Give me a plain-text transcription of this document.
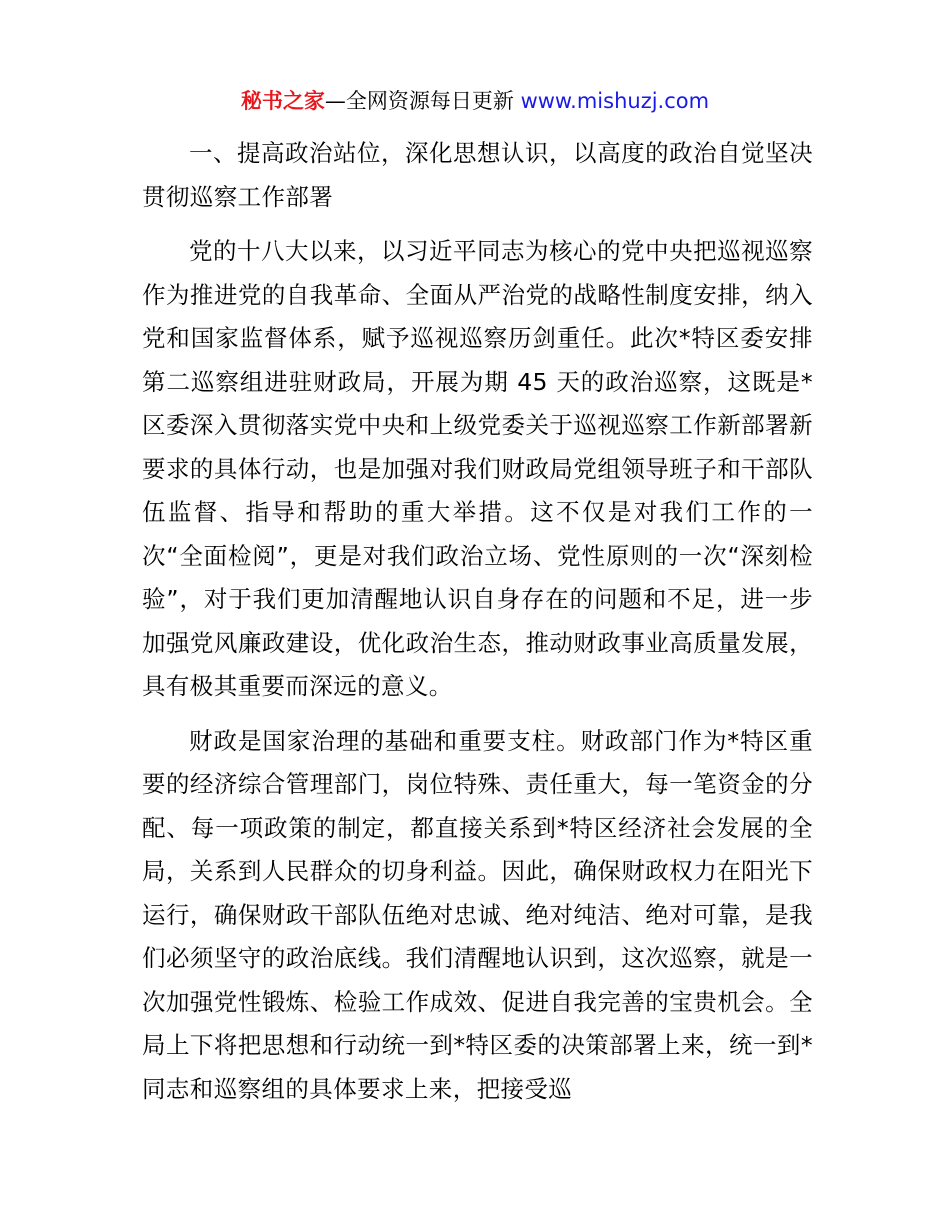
秘书之家—全网资源每日更新 www.mishuzj.com

一、提高政治站位，深化思想认识，以高度的政治自觉坚决贯彻巡察工作部署

党的十八大以来，以习近平同志为核心的党中央把巡视巡察作为推进党的自我革命、全面从严治党的战略性制度安排，纳入党和国家监督体系，赋予巡视巡察历剑重任。此次*特区委安排第二巡察组进驻财政局，开展为期 45 天的政治巡察，这既是*区委深入贯彻落实党中央和上级党委关于巡视巡察工作新部署新要求的具体行动，也是加强对我们财政局党组领导班子和干部队伍监督、指导和帮助的重大举措。这不仅是对我们工作的一次“全面检阅”，更是对我们政治立场、党性原则的一次“深刻检验”，对于我们更加清醒地认识自身存在的问题和不足，进一步加强党风廉政建设，优化政治生态，推动财政事业高质量发展，具有极其重要而深远的意义。

财政是国家治理的基础和重要支柱。财政部门作为*特区重要的经济综合管理部门，岗位特殊、责任重大，每一笔资金的分配、每一项政策的制定，都直接关系到*特区经济社会发展的全局，关系到人民群众的切身利益。因此，确保财政权力在阳光下运行，确保财政干部队伍绝对忠诚、绝对纯洁、绝对可靠，是我们必须坚守的政治底线。我们清醒地认识到，这次巡察，就是一次加强党性锻炼、检验工作成效、促进自我完善的宝贵机会。全局上下将把思想和行动统一到*特区委的决策部署上来，统一到*同志和巡察组的具体要求上来，把接受巡
